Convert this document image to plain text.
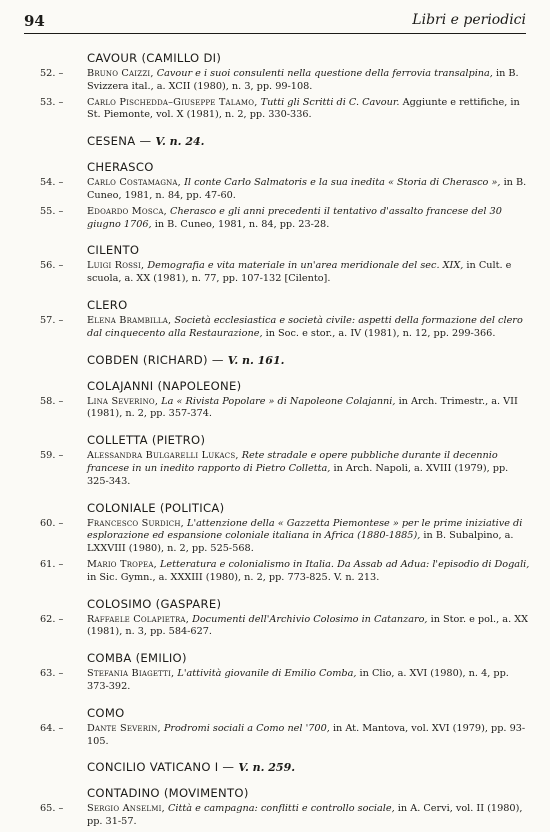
94	Libri e periodici
CAVOUR (CAMILLO DI)
52. –	Bruno Caizzi, Cavour e i suoi consulenti nella questione della ferrovia transalpina, in B. Svizzera ital., a. XCII (1980), n. 3, pp. 99-108.
53. –	Carlo Pischedda–Giuseppe Talamo, Tutti gli Scritti di C. Cavour. Aggiunte e rettifiche, in St. Piemonte, vol. X (1981), n. 2, pp. 330-336.
CESENA — V. n. 24.
CHERASCO
54. –	Carlo Costamagna, Il conte Carlo Salmatoris e la sua inedita « Storia di Cherasco », in B. Cuneo, 1981, n. 84, pp. 47-60.
55. –	Edoardo Mosca, Cherasco e gli anni precedenti il tentativo d'assalto francese del 30 giugno 1706, in B. Cuneo, 1981, n. 84, pp. 23-28.
CILENTO
56. –	Luigi Rossi, Demografia e vita materiale in un'area meridionale del sec. XIX, in Cult. e scuola, a. XX (1981), n. 77, pp. 107-132 [Cilento].
CLERO
57. –	Elena Brambilla, Società ecclesiastica e società civile: aspetti della formazione del clero dal cinquecento alla Restaurazione, in Soc. e stor., a. IV (1981), n. 12, pp. 299-366.
COBDEN (RICHARD) — V. n. 161.
COLAJANNI (NAPOLEONE)
58. –	Lina Severino, La « Rivista Popolare » di Napoleone Colajanni, in Arch. Trimestr., a. VII (1981), n. 2, pp. 357-374.
COLLETTA (PIETRO)
59. –	Alessandra Bulgarelli Lukacs, Rete stradale e opere pubbliche durante il decennio francese in un inedito rapporto di Pietro Colletta, in Arch. Napoli, a. XVIII (1979), pp. 325-343.
COLONIALE (POLITICA)
60. –	Francesco Surdich, L'attenzione della « Gazzetta Piemontese » per le prime iniziative di esplorazione ed espansione coloniale italiana in Africa (1880-1885), in B. Subalpino, a. LXXVIII (1980), n. 2, pp. 525-568.
61. –	Mario Tropea, Letteratura e colonialismo in Italia. Da Assab ad Adua: l'episodio di Dogali, in Sic. Gymn., a. XXXIII (1980), n. 2, pp. 773-825. V. n. 213.
COLOSIMO (GASPARE)
62. –	Raffaele Colapietra, Documenti dell'Archivio Colosimo in Catanzaro, in Stor. e pol., a. XX (1981), n. 3, pp. 584-627.
COMBA (EMILIO)
63. –	Stefania Biagetti, L'attività giovanile di Emilio Comba, in Clio, a. XVI (1980), n. 4, pp. 373-392.
COMO
64. –	Dante Severin, Prodromi sociali a Como nel '700, in At. Mantova, vol. XVI (1979), pp. 93-105.
CONCILIO VATICANO I — V. n. 259.
CONTADINO (MOVIMENTO)
65. –	Sergio Anselmi, Città e campagna: conflitti e controllo sociale, in A. Cervi, vol. II (1980), pp. 31-57.
